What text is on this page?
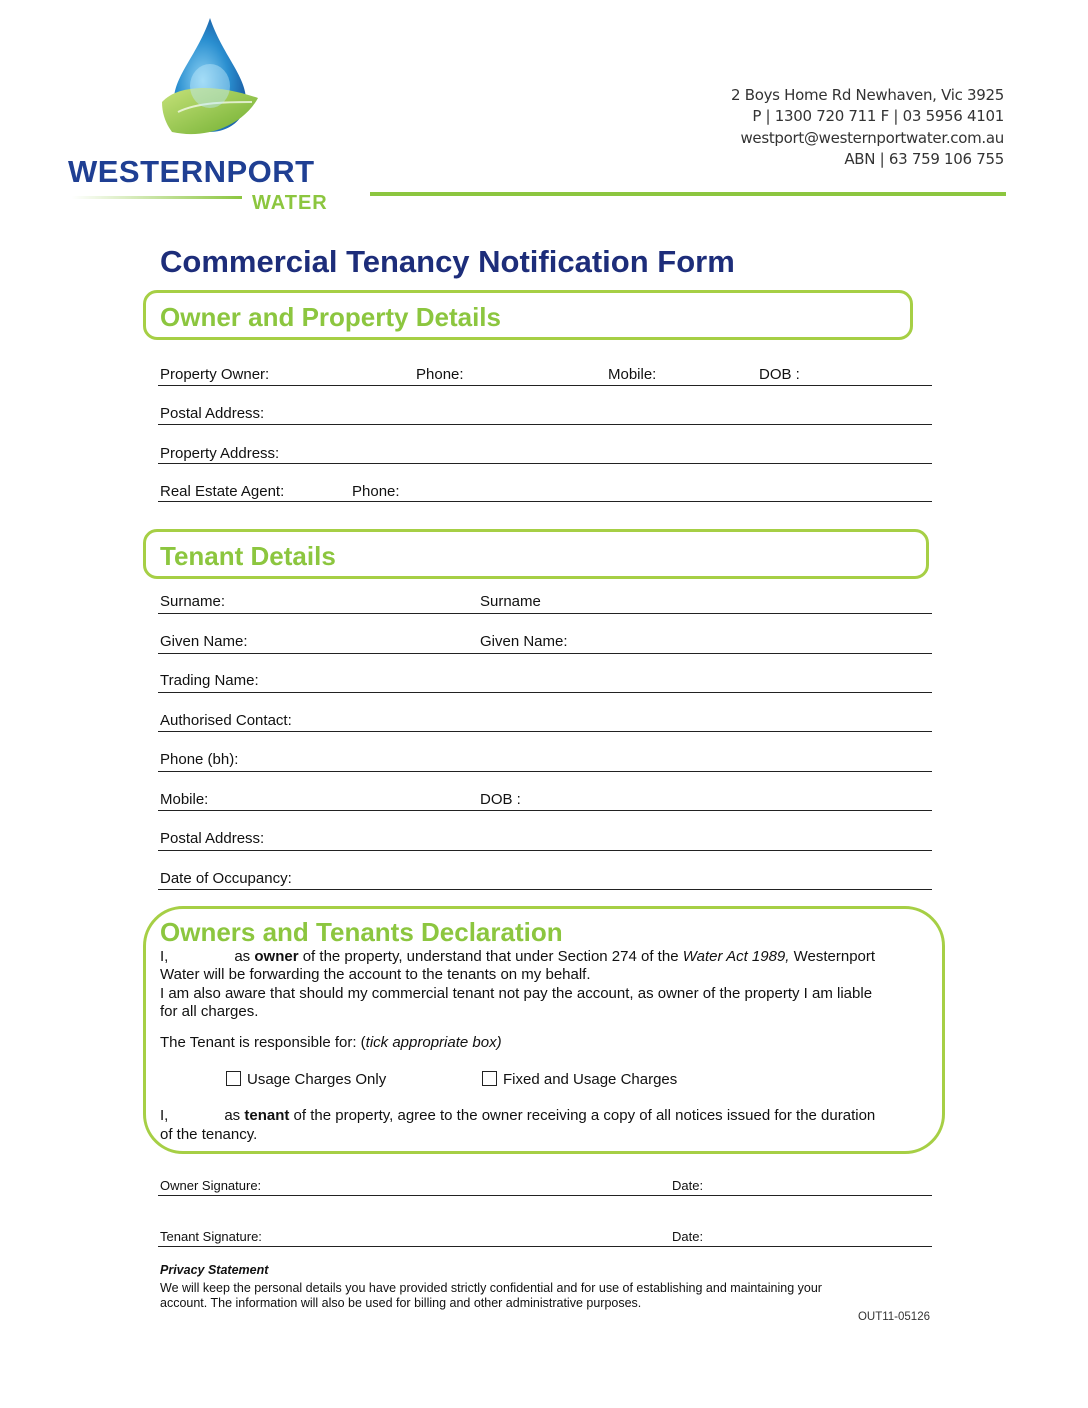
WESTERNPORT
WATER
2 Boys Home Rd Newhaven, Vic 3925
P | 1300 720 711 F | 03 5956 4101
westport@westernportwater.com.au
ABN | 63 759 106 755
Commercial Tenancy Notification Form
Owner and Property Details
Property Owner:	Phone:	Mobile:	DOB :
Postal Address:
Property Address:
Real Estate Agent:	Phone:
Tenant Details
Surname:	Surname
Given Name:	Given Name:
Trading Name:
Authorised Contact:
Phone (bh):
Mobile:	DOB :
Postal Address:
Date of Occupancy:
Owners and Tenants Declaration
I,	as owner of the property, understand that under Section 274 of the Water Act 1989, Westernport
Water will be forwarding the account to the tenants on my behalf.
I am also aware that should my commercial tenant not pay the account, as owner of the property I am liable
for all charges.
The Tenant is responsible for: (tick appropriate box)
Usage Charges Only	Fixed and Usage Charges
I,	as tenant of the property, agree to the owner receiving a copy of all notices issued for the duration
of the tenancy.
Owner Signature:	Date:
Tenant Signature:	Date:
Privacy Statement
We will keep the personal details you have provided strictly confidential and for use of establishing and maintaining your
account. The information will also be used for billing and other administrative purposes.
OUT11-05126
